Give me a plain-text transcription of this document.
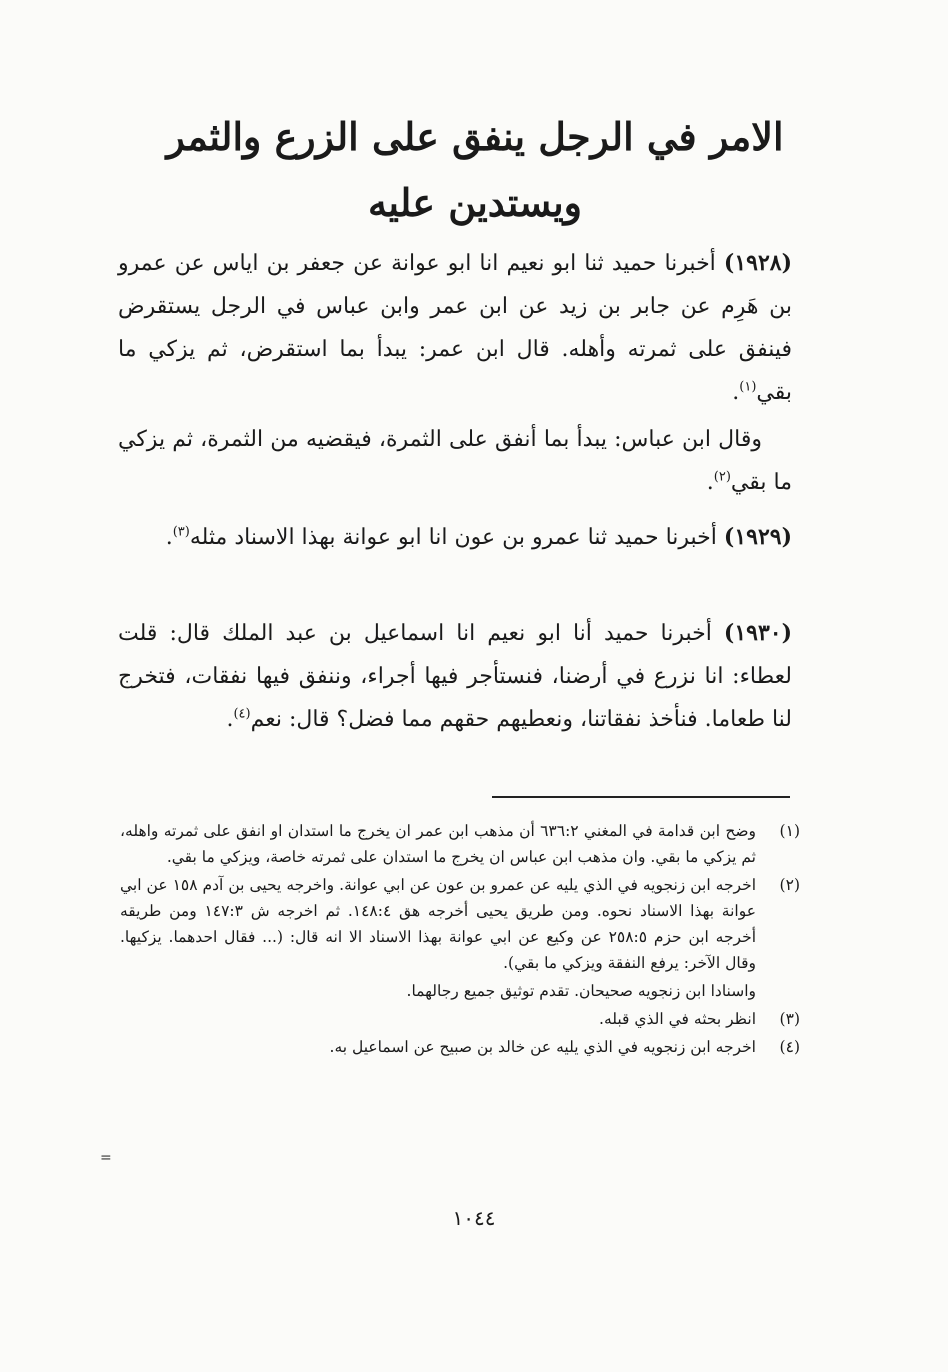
الامر في الرجل ينفق على الزرع والثمر
ويستدين عليه
(١٩٢٨) أخبرنا حميد ثنا ابو نعيم انا ابو عوانة عن جعفر بن اياس عن عمرو بن هَرِم عن جابر بن زيد عن ابن عمر وابن عباس في الرجل يستقرض فينفق على ثمرته وأهله. قال ابن عمر: يبدأ بما استقرض، ثم يزكي ما بقي$^{(١)}$.
وقال ابن عباس: يبدأ بما أنفق على الثمرة، فيقضيه من الثمرة، ثم يزكي ما بقي$^{(٢)}$.
(١٩٢٩) أخبرنا حميد ثنا عمرو بن عون انا ابو عوانة بهذا الاسناد مثله$^{(٣)}$.
(١٩٣٠) أخبرنا حميد أنا ابو نعيم انا اسماعيل بن عبد الملك قال: قلت لعطاء: انا نزرع في أرضنا، فنستأجر فيها أجراء، وننفق فيها نفقات، فتخرج لنا طعاما. فنأخذ نفقاتنا، ونعطيهم حقهم مما فضل؟ قال: نعم$^{(٤)}$.
(١)
وضح ابن قدامة في المغني ٦٣٦:٢ أن مذهب ابن عمر ان يخرج ما استدان او انفق على ثمرته واهله، ثم يزكي ما بقي. وان مذهب ابن عباس ان يخرج ما استدان على ثمرته خاصة، ويزكي ما بقي.
(٢)
اخرجه ابن زنجويه في الذي يليه عن عمرو بن عون عن ابي عوانة. واخرجه يحيى بن آدم ١٥٨ عن ابي عوانة بهذا الاسناد نحوه. ومن طريق يحيى أخرجه هق ١٤٨:٤. ثم اخرجه ش ١٤٧:٣ ومن طريقه أخرجه ابن حزم ٢٥٨:٥ عن وكيع عن ابي عوانة بهذا الاسناد الا انه قال: (... فقال احدهما. يزكيها. وقال الآخر: يرفع النفقة ويزكي ما بقي).
واسنادا ابن زنجويه صحيحان. تقدم توثيق جميع رجالهما.
(٣)
انظر بحثه في الذي قبله.
(٤)
اخرجه ابن زنجويه في الذي يليه عن خالد بن صبيح عن اسماعيل به.
=
١٠٤٤
